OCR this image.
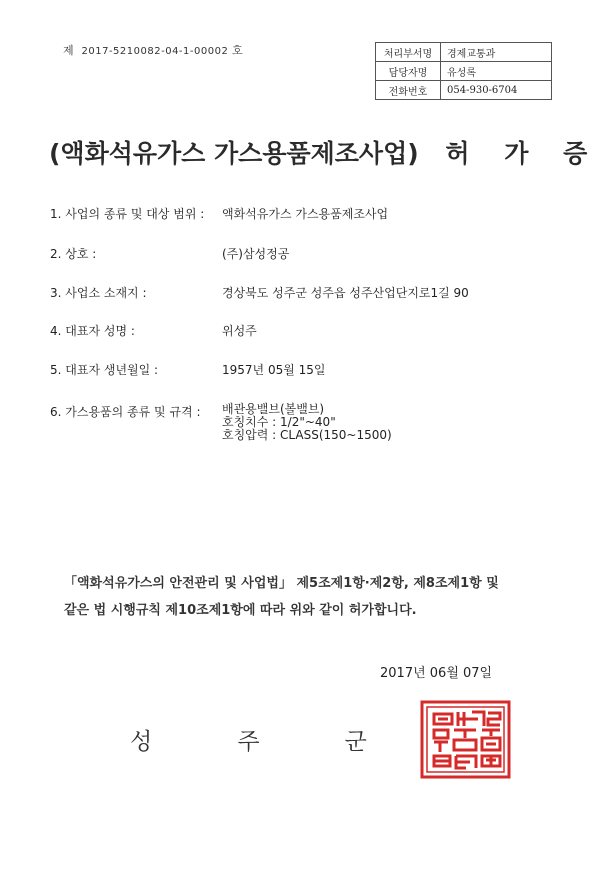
제 2017-5210082-04-1-00002 호	처리부서명	경제교통과
담당자명	유성록
전화번호	054-930-6704
(액화석유가스 가스용품제조사업) 허 가 증
1. 사업의 종류 및 대상 범위 : 액화석유가스 가스용품제조사업
2. 상호 :	(주)삼성정공
3. 사업소 소재지 :	경상북도 성주군 성주읍 성주산업단지로1길 90
4. 대표자 성명 :	위성주
5. 대표자 생년월일 :	1957년 05월 15일
6. 가스용품의 종류 및 규격 : 배관용밸브(볼밸브)
호칭치수 : 1/2"~40"
호칭압력 : CLASS(150~1500)
「액화석유가스의 안전관리 및 사업법」 제5조제1항·제2항, 제8조제1항 및
같은 법 시행규칙 제10조제1항에 따라 위와 같이 허가합니다.
2017년 06월 07일
성	주	군
성주군수인
